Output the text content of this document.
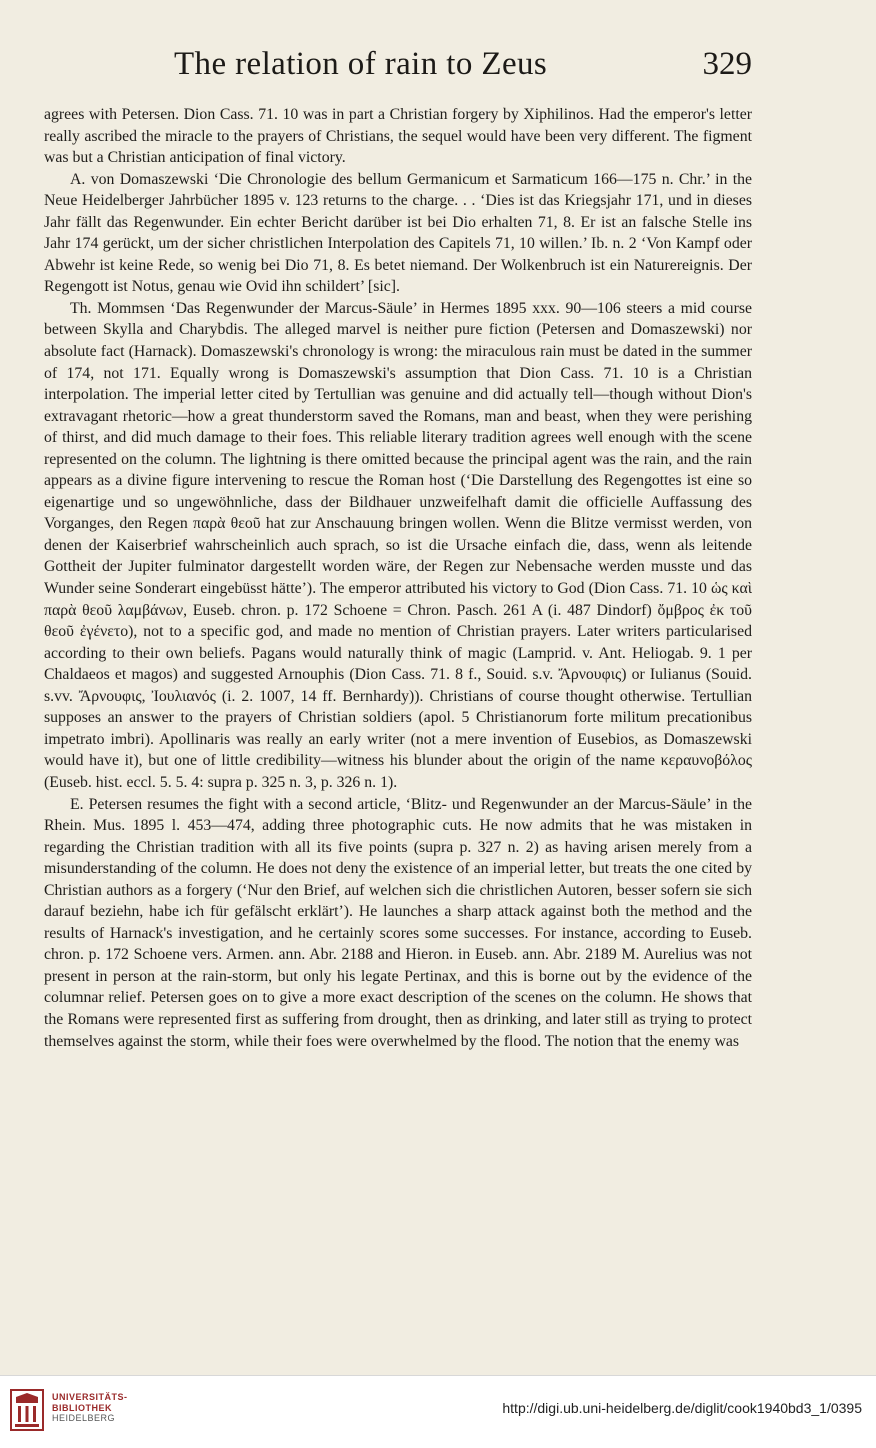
The relation of rain to Zeus	329

agrees with Petersen. Dion Cass. 71. 10 was in part a Christian forgery by Xiphilinos. Had the emperor's letter really ascribed the miracle to the prayers of Christians, the sequel would have been very different. The figment was but a Christian anticipation of final victory.

A. von Domaszewski ‘Die Chronologie des bellum Germanicum et Sarmaticum 166—175 n. Chr.’ in the Neue Heidelberger Jahrbücher 1895 v. 123 returns to the charge. . . ‘Dies ist das Kriegsjahr 171, und in dieses Jahr fällt das Regenwunder. Ein echter Bericht darüber ist bei Dio erhalten 71, 8. Er ist an falsche Stelle ins Jahr 174 gerückt, um der sicher christlichen Interpolation des Capitels 71, 10 willen.’ Ib. n. 2 ‘Von Kampf oder Abwehr ist keine Rede, so wenig bei Dio 71, 8. Es betet niemand. Der Wolkenbruch ist ein Naturereignis. Der Regengott ist Notus, genau wie Ovid ihn schildert’ [sic].

Th. Mommsen ‘Das Regenwunder der Marcus-Säule’ in Hermes 1895 xxx. 90—106 steers a mid course between Skylla and Charybdis. The alleged marvel is neither pure fiction (Petersen and Domaszewski) nor absolute fact (Harnack). Domaszewski's chronology is wrong: the miraculous rain must be dated in the summer of 174, not 171. Equally wrong is Domaszewski's assumption that Dion Cass. 71. 10 is a Christian interpolation. The imperial letter cited by Tertullian was genuine and did actually tell—though without Dion's extravagant rhetoric—how a great thunderstorm saved the Romans, man and beast, when they were perishing of thirst, and did much damage to their foes. This reliable literary tradition agrees well enough with the scene represented on the column. The lightning is there omitted because the principal agent was the rain, and the rain appears as a divine figure intervening to rescue the Roman host (‘Die Darstellung des Regengottes ist eine so eigenartige und so ungewöhnliche, dass der Bildhauer unzweifelhaft damit die officielle Auffassung des Vorganges, den Regen παρὰ θεοῦ hat zur Anschauung bringen wollen. Wenn die Blitze vermisst werden, von denen der Kaiserbrief wahrscheinlich auch sprach, so ist die Ursache einfach die, dass, wenn als leitende Gottheit der Jupiter fulminator dargestellt worden wäre, der Regen zur Nebensache werden musste und das Wunder seine Sonderart eingebüsst hätte’). The emperor attributed his victory to God (Dion Cass. 71. 10 ὡς καὶ παρὰ θεοῦ λαμβάνων, Euseb. chron. p. 172 Schoene = Chron. Pasch. 261 A (i. 487 Dindorf) ὄμβρος ἐκ τοῦ θεοῦ ἐγένετο), not to a specific god, and made no mention of Christian prayers. Later writers particularised according to their own beliefs. Pagans would naturally think of magic (Lamprid. v. Ant. Heliogab. 9. 1 per Chaldaeos et magos) and suggested Arnouphis (Dion Cass. 71. 8 f., Souid. s.v. Ἄρνουφις) or Iulianus (Souid. s.vv. Ἄρνουφις, Ἰουλιανός (i. 2. 1007, 14 ff. Bernhardy)). Christians of course thought otherwise. Tertullian supposes an answer to the prayers of Christian soldiers (apol. 5 Christianorum forte militum precationibus impetrato imbri). Apollinaris was really an early writer (not a mere invention of Eusebios, as Domaszewski would have it), but one of little credibility—witness his blunder about the origin of the name κεραυνοβόλος (Euseb. hist. eccl. 5. 5. 4: supra p. 325 n. 3, p. 326 n. 1).

E. Petersen resumes the fight with a second article, ‘Blitz- und Regenwunder an der Marcus-Säule’ in the Rhein. Mus. 1895 l. 453—474, adding three photographic cuts. He now admits that he was mistaken in regarding the Christian tradition with all its five points (supra p. 327 n. 2) as having arisen merely from a misunderstanding of the column. He does not deny the existence of an imperial letter, but treats the one cited by Christian authors as a forgery (‘Nur den Brief, auf welchen sich die christlichen Autoren, besser sofern sie sich darauf beziehn, habe ich für gefälscht erklärt’). He launches a sharp attack against both the method and the results of Harnack's investigation, and he certainly scores some successes. For instance, according to Euseb. chron. p. 172 Schoene vers. Armen. ann. Abr. 2188 and Hieron. in Euseb. ann. Abr. 2189 M. Aurelius was not present in person at the rain-storm, but only his legate Pertinax, and this is borne out by the evidence of the columnar relief. Petersen goes on to give a more exact description of the scenes on the column. He shows that the Romans were represented first as suffering from drought, then as drinking, and later still as trying to protect themselves against the storm, while their foes were overwhelmed by the flood. The notion that the enemy was

UNIVERSITÄTS-
BIBLIOTHEK
HEIDELBERG
http://digi.ub.uni-heidelberg.de/diglit/cook1940bd3_1/0395
